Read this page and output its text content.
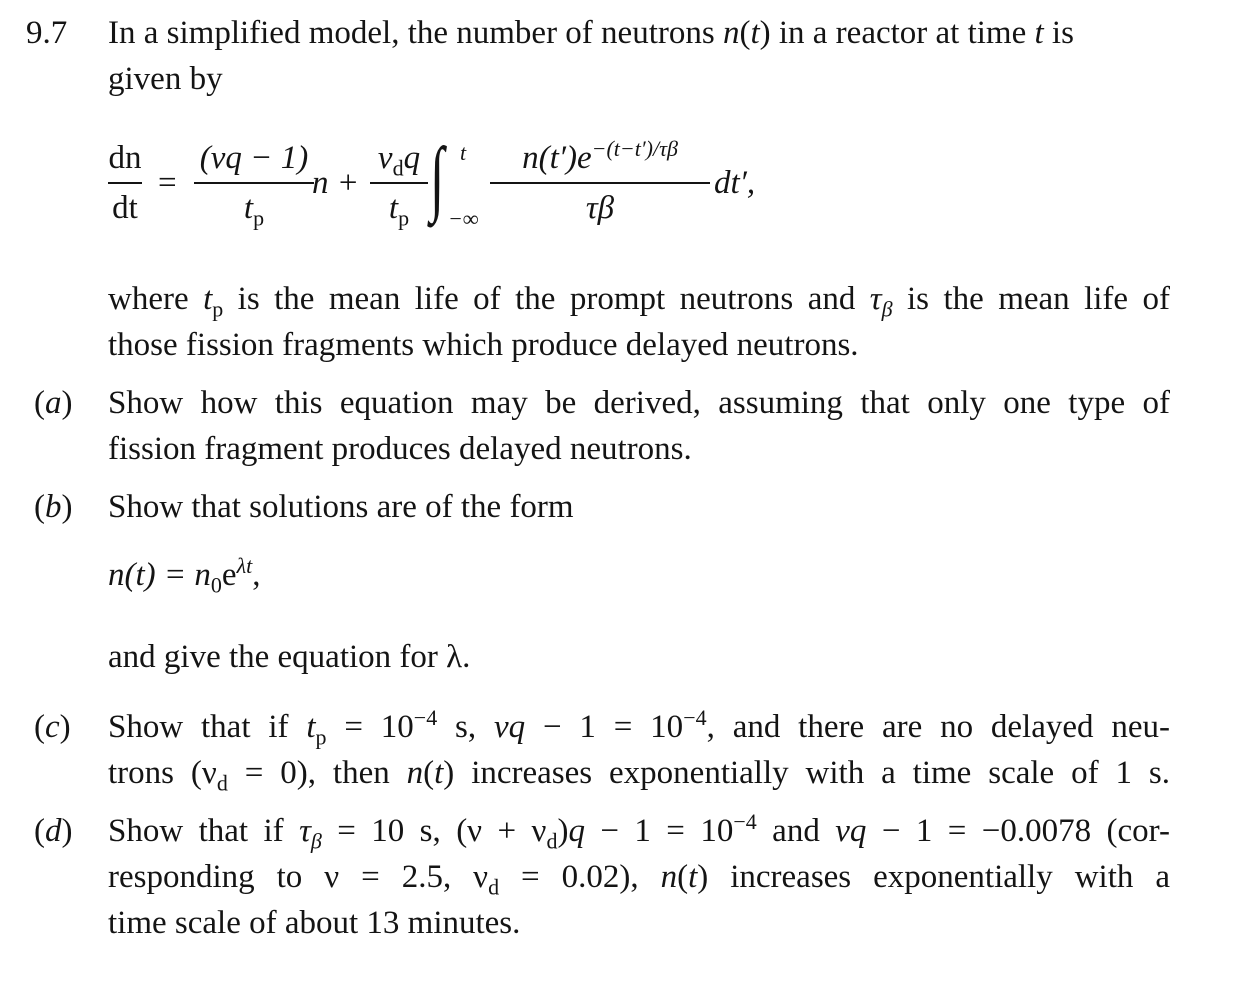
9.7 In a simplified model, the number of neutrons n(t) in a reactor at time t is
given by
dn
dt
=
(νq − 1)
$t_p$
n +
$\nu_dq$
$t_p$ ∫ t
−∞
$n(t')e^{-(t-t')/\tau\beta}$
τβ
dt′,
where $t_p$ is the mean life of the prompt neutrons and $\tau_\beta$ is the mean life of
those fission fragments which produce delayed neutrons.
(a) Show how this equation may be derived, assuming that only one type of
fission fragment produces delayed neutrons.
(b) Show that solutions are of the form
$n(t) = n_0e^{\lambda t}$,
and give the equation for λ.
(c) Show that if $t_p = 10^{-4}$ s, $\nu q - 1 = 10^{-4}$, and there are no delayed neu-
trons $(\nu_d = 0)$, then n(t) increases exponentially with a time scale of 1 s.
(d) Show that if $\tau_\beta = 10$ s, $(\nu + \nu_d)q - 1 = 10^{-4}$ and νq − 1 = −0.0078 (cor-
responding to ν = 2.5, $\nu_d = 0.02$), n(t) increases exponentially with a
time scale of about 13 minutes.
